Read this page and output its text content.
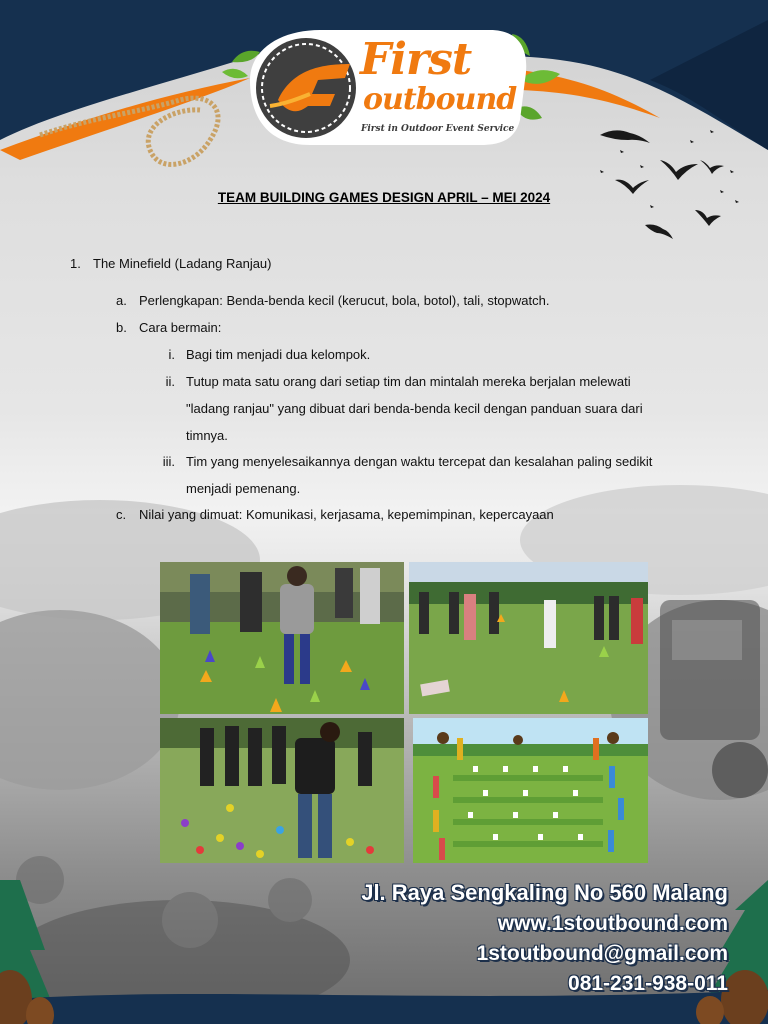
First
outbound
First in Outdoor Event Service
TEAM BUILDING GAMES DESIGN APRIL – MEI 2024
1. The Minefield (Ladang Ranjau)
a. Perlengkapan: Benda-benda kecil (kerucut, bola, botol), tali, stopwatch.
b. Cara bermain:
i. Bagi tim menjadi dua kelompok.
ii. Tutup mata satu orang dari setiap tim dan mintalah mereka berjalan melewati
"ladang ranjau" yang dibuat dari benda-benda kecil dengan panduan suara dari
timnya.
iii. Tim yang menyelesaikannya dengan waktu tercepat dan kesalahan paling sedikit
menjadi pemenang.
c. Nilai yang dimuat: Komunikasi, kerjasama, kepemimpinan, kepercayaan
Jl. Raya Sengkaling No 560 Malang
www.1stoutbound.com
1stoutbound@gmail.com
081-231-938-011
